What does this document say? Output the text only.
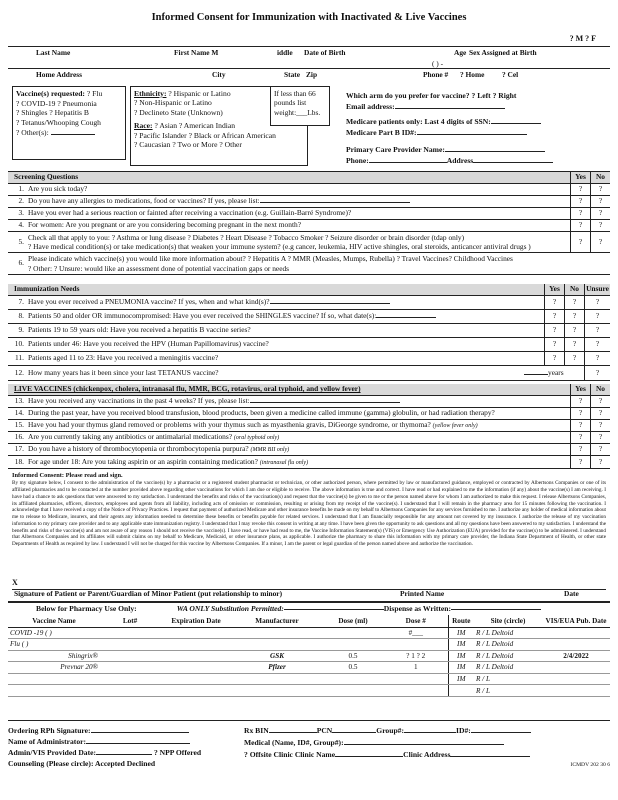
Informed Consent for Immunization with Inactivated & Live Vaccines
? M ? F
Last Name	First Name M	iddle Date of Birth	Age Sex Assigned at Birth
( ) -
Home Address	City	State Zip	Phone # ? Home ? Cel
Vaccine(s) requested: ? Flu
? COVID-19 ? Pneumonia
? Shingles ? Hepatitis B
? Tetanus/Whooping Cough
? Other(s):
Ethnicity: ? Hispanic or Latino
? Non-Hispanic or Latino
? Declineto State (Unknown)
Race: ? Asian ? American Indian
? Pacific Islander ? Black or African American
? Caucasian ? Two or More ? Other
If less than 66
pounds list
weight:___Lbs.
Which arm do you prefer for vaccine? ? Left ? Right
Email address:
Medicare patients only: Last 4 digits of SSN:
Medicare Part B ID#:
Primary Care Provider Name:
Phone:	Address
Screening Questions	Yes	No
1. Are you sick today?	?	?
2. Do you have any allergies to medications, food or vaccines? If yes, please list:	?	?
3. Have you ever had a serious reaction or fainted after receiving a vaccination (e.g. Guillain-Barré Syndrome)?	?	?
4. For women: Are you pregnant or are you considering becoming pregnant in the next month?	?	?
5. Check all that apply to you: ? Asthma or lung disease ? Diabetes ? Heart Disease ? Tobacco Smoker ? Seizure disorder or brain disorder (tdap only)
? Have medical condition(s) or take medication(s) that weaken your immune system? (e.g cancer, leukemia, HIV active shingles, oral steroids, anticancer antiviral drugs )
?	?
6. Please indicate which vaccine(s) you would like more information about? ? Hepatitis A ? MMR (Measles, Mumps, Rubella) ? Travel Vaccines? Childhood Vaccines
? Other: ? Unsure: would like an assessment done of potential vaccination gaps or needs
Immunization Needs	Yes	No Unsure
7. Have you ever received a PNEUMONIA vaccine? If yes, when and what kind(s)?	?	?	?
8. Patients 50 and older OR immunocompromised: Have you ever received the SHINGLES vaccine? If so, what date(s):	?	?	?
9. Patients 19 to 59 years old: Have you received a hepatitis B vaccine series?	?	?	?
10. Patients under 46: Have you received the HPV (Human Papillomavirus) vaccine?	?	?	?
11. Patients aged 11 to 23: Have you received a meningitis vaccine?	?	?	?
12. How many years has it been since your last TETANUS vaccine?	years	?
LIVE VACCINES (chickenpox, cholera, intranasal flu, MMR, BCG, rotavirus, oral typhoid, and yellow fever)	Yes	No
13. Have you received any vaccinations in the past 4 weeks? If yes, please list:	?	?
14. During the past year, have you received blood transfusion, blood products, been given a medicine called immune (gamma) globulin, or had radiation therapy?	?	?
15. Have you had your thymus gland removed or problems with your thymus such as myasthenia gravis, DiGeorge syndrome, or thymoma? (yellow fever only)	?	?
16. Are you currently taking any antibiotics or antimalarial medications? (oral typhoid only)	?	?
17. Do you have a history of thrombocytopenia or thrombocytopenia purpura? (MMR BII only)	?	?
18. For age under 18: Are you taking aspirin or an aspirin containing medication? (intranasal flu only)	?	?
Informed Consent: Please read and sign.
By my signature below, I consent to the administration of the vaccine(s) by a pharmacist or a registered student pharmacist or technician, or other authorized person, where permitted by law or manufactured guidance, employed or contracted by Albertsons Companies or one of its affiliated pharmacies and to be contacted at the number provided above regarding other vaccinations for which I am due or eligible to receive. The above information is true and correct. I have read or had explained to me the information (if any) about the vaccine(s) I am receiving. I have had a chance to ask questions that were answered to my satisfaction. I understand the benefits and risks of the vaccination(s) and request that the vaccine(s) be given to me or the person named above for whom I am authorized to make this request. I release Albertsons Companies, its affiliated pharmacies, officers, directors, employees and agents from all liability, including acts of omission or commission, resulting or arising from my receipt of the vaccine(s). I understand that I will remain in the pharmacy area for 15 minutes following the vaccination. I acknowledge that I have received a copy of the Notice of Privacy Practices. I request that payment of authorized Medicare and other insurance benefits be made on my behalf to Albertsons Companies for any services furnished to me. I authorize any holder of medical information about me to release to Medicare, insurers, and their agents any information needed to determine these benefits or benefits payable for related services. I understand that I am financially responsible for any amount not covered by my insurance. I authorize the release of my vaccination information to my primary care provider and to any applicable state immunization registry. I understand that I may revoke this consent in writing at any time. I have been given the opportunity to ask questions and all my questions have been answered to my satisfaction. I understand the benefits and risks of the vaccine(s) and am not aware of any reason I should not receive the vaccine(s). I have read, or have had read to me, the Vaccine Information Statement(s) (VIS) or Emergency Use Authorization (EUA) provided for the vaccine(s) to be administered. I understand that Albertsons Companies and its affiliates will submit claims on my behalf to Medicare, Medicaid, or other insurance plans, as applicable. I authorize the pharmacy to share this information with my primary care provider, the Indiana State Department of Health, or other state Departments of Health as required by law. I understand I will not be charged for this vaccine by Albertsons Companies. If a minor, I am the parent or legal guardian of the person named above and authorize the vaccination.
X
Signature of Patient or Parent/Guardian of Minor Patient (put relationship to minor)	Printed Name	Date
Below for Pharmacy Use Only:	WA ONLY Substitution Permitted:	Dispense as Written:
Vaccine Name	Lot#	Expiration Date	Manufacturer	Dose (ml)	Dose #	Route	Site (circle)	VIS/EUA Pub. Date
COVID -19 ( )					#___	IM	R / L Deltoid	
Flu ( )						IM	R / L Deltoid	
Shingrix®			GSK	0.5	? 1 ? 2	IM	R / L Deltoid	2/4/2022
Prevnar 20®			Pfizer	0.5	1	IM	R / L Deltoid	
						IM	R / L	
							R / L	
Ordering RPh Signature:
Name of Administrator:
Admin/VIS Provided Date:	? NPP Offered
Counseling (Please circle): Accepted Declined
Rx BIN	PCN	Group#:	ID#:
Medical (Name, ID#, Group#):
? Offsite Clinic Clinic Name	Clinic Address
ICMDV 202 30 6
